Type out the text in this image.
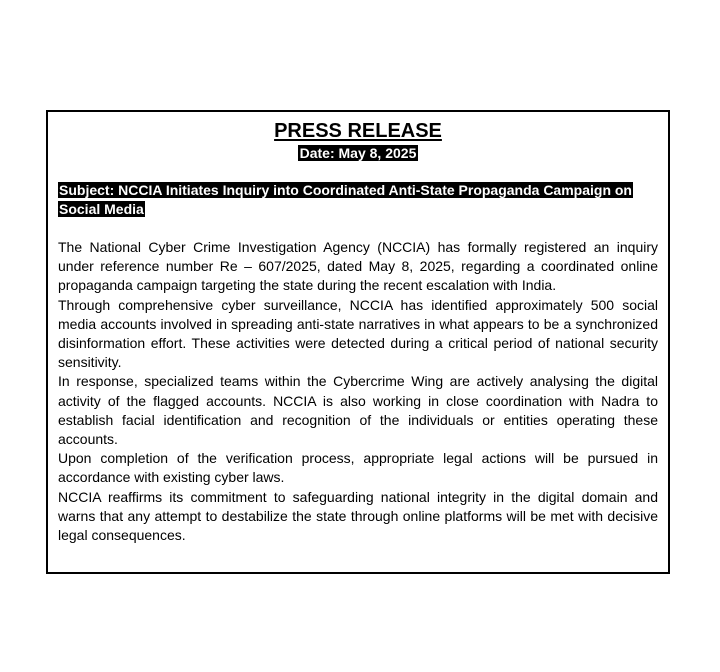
PRESS RELEASE
Date: May 8, 2025
Subject: NCCIA Initiates Inquiry into Coordinated Anti-State Propaganda Campaign on Social Media

The National Cyber Crime Investigation Agency (NCCIA) has formally registered an inquiry under reference number Re – 607/2025, dated May 8, 2025, regarding a coordinated online propaganda campaign targeting the state during the recent escalation with India.

Through comprehensive cyber surveillance, NCCIA has identified approximately 500 social media accounts involved in spreading anti-state narratives in what appears to be a synchronized disinformation effort. These activities were detected during a critical period of national security sensitivity.

In response, specialized teams within the Cybercrime Wing are actively analysing the digital activity of the flagged accounts. NCCIA is also working in close coordination with Nadra to establish facial identification and recognition of the individuals or entities operating these accounts.

Upon completion of the verification process, appropriate legal actions will be pursued in accordance with existing cyber laws.

NCCIA reaffirms its commitment to safeguarding national integrity in the digital domain and warns that any attempt to destabilize the state through online platforms will be met with decisive legal consequences.
